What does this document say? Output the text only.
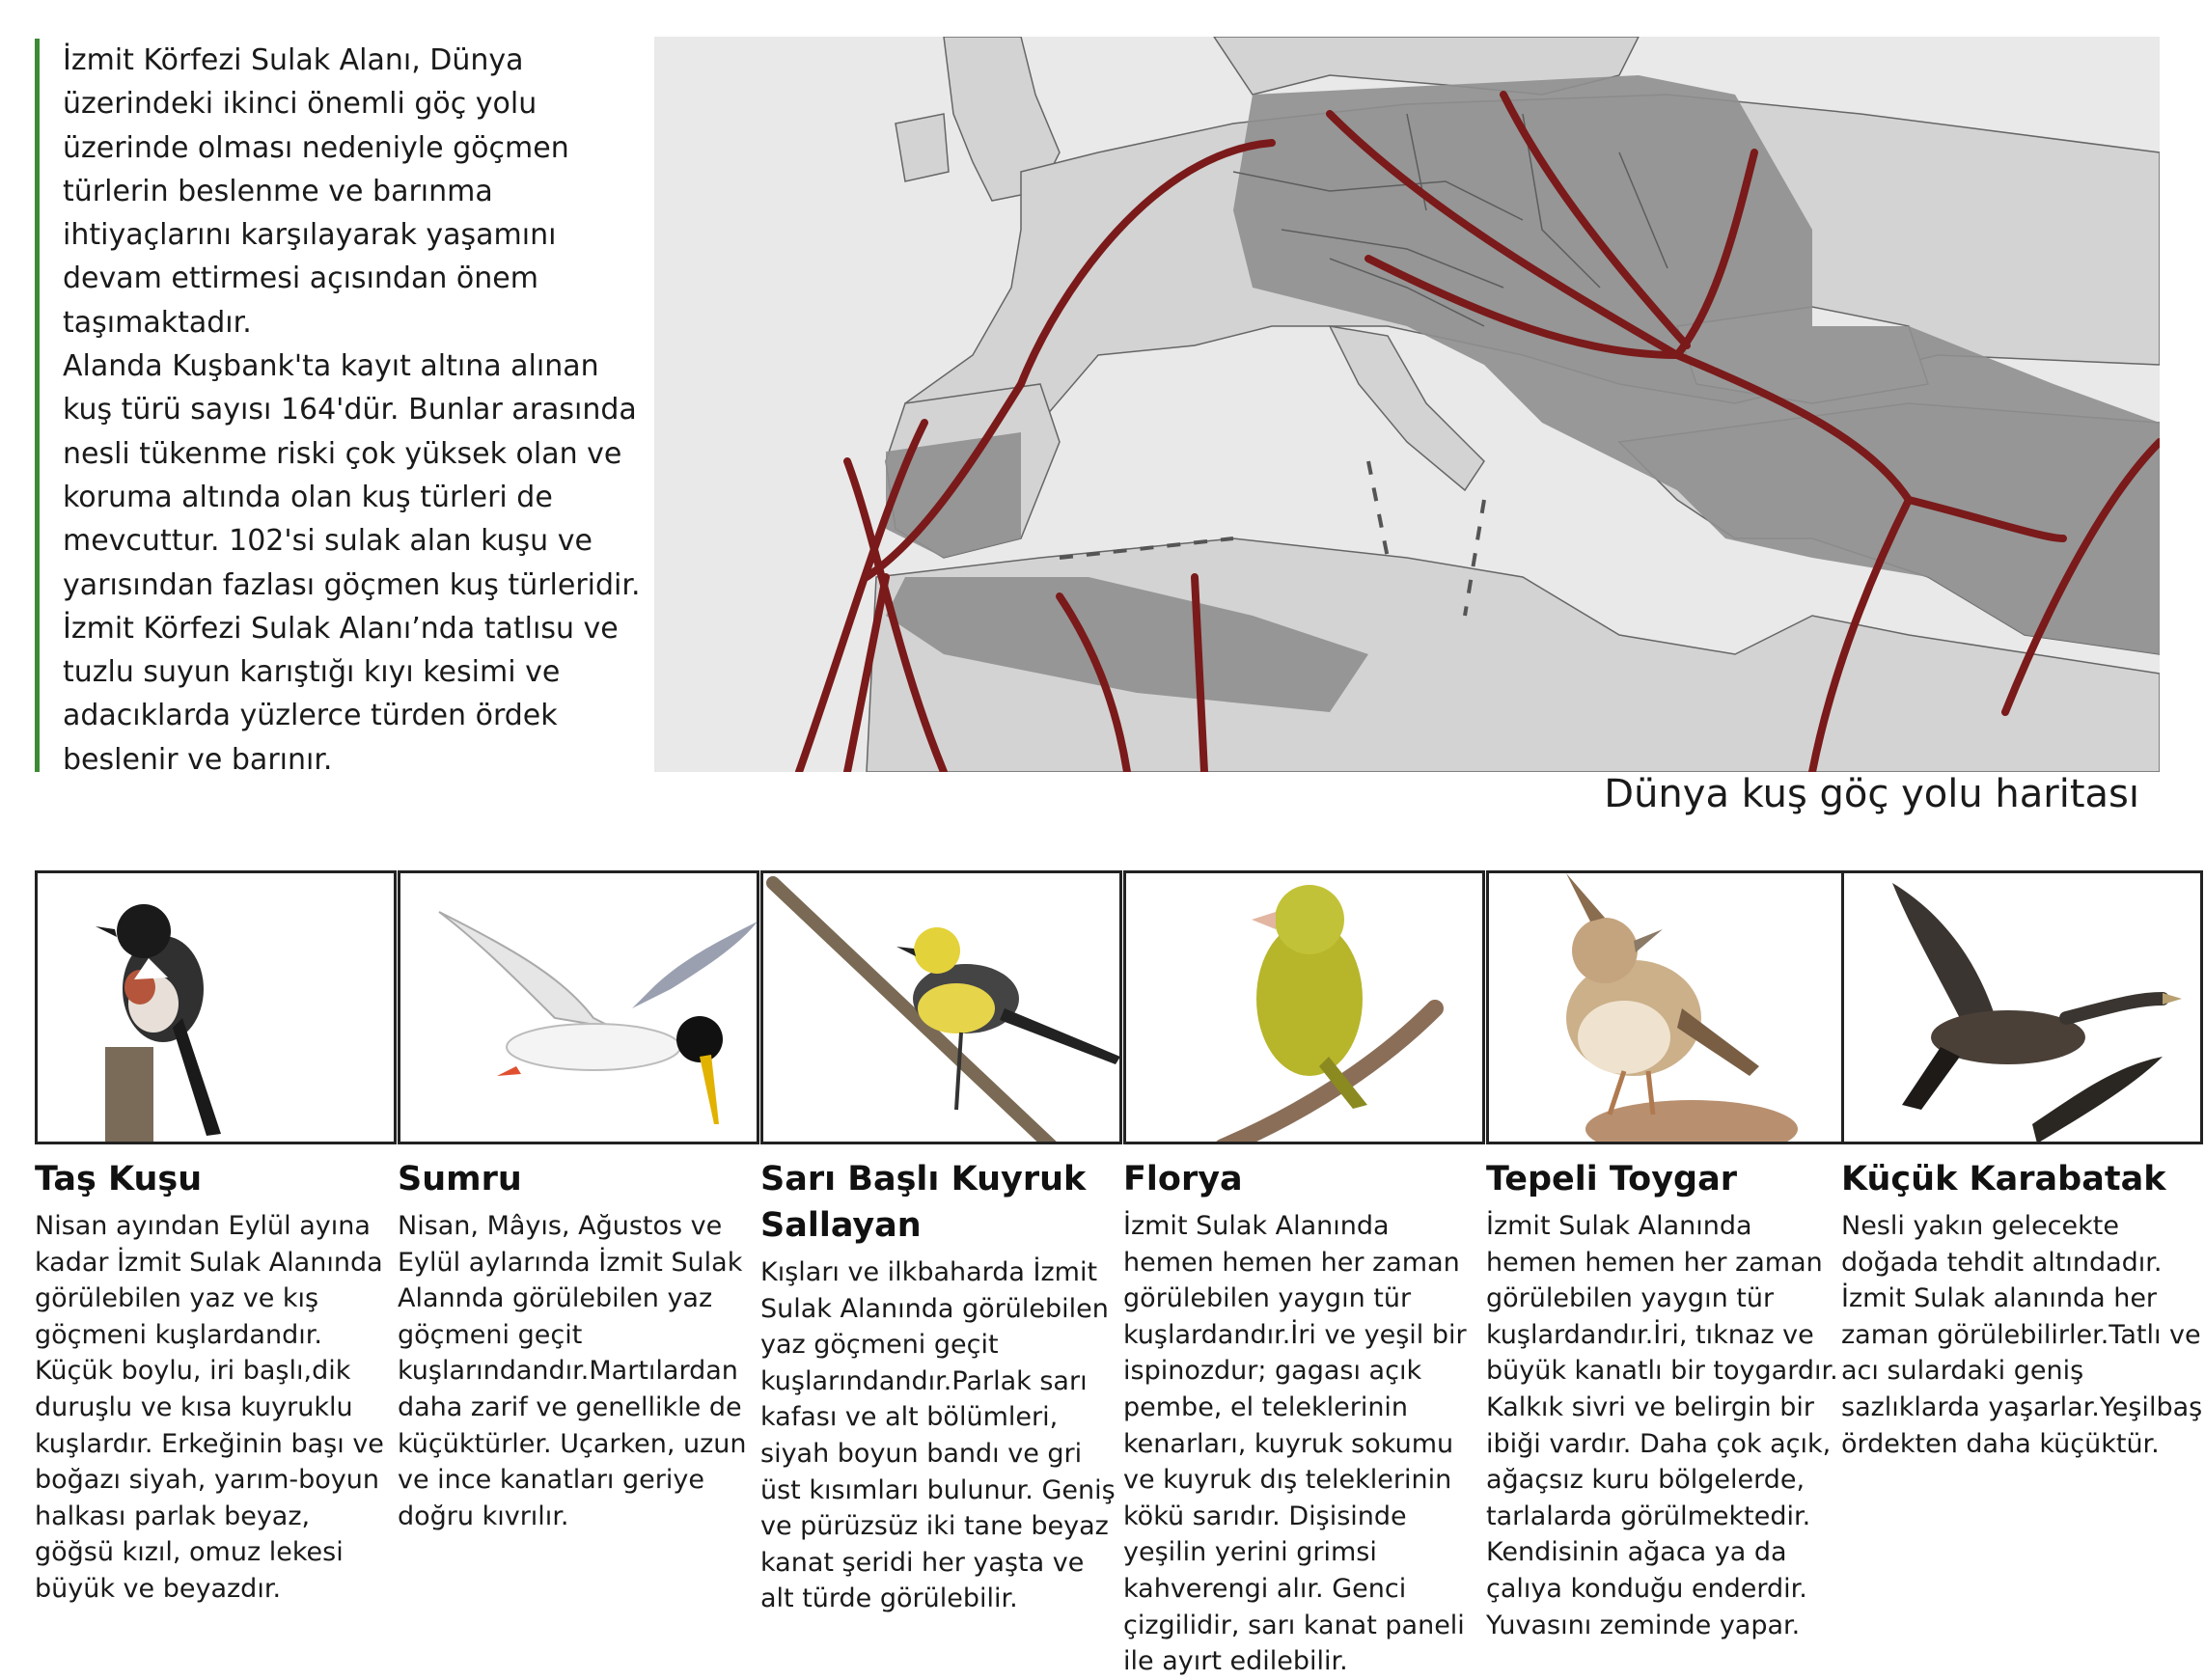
İzmit Körfezi Sulak Alanı, Dünya üzerindeki ikinci önemli göç yolu üzerinde olması nedeniyle göçmen türlerin beslenme ve barınma ihtiyaçlarını karşılayarak yaşamını devam ettirmesi açısından önem taşımaktadır.

Alanda Kuşbank'ta kayıt altına alınan kuş türü sayısı 164'dür. Bunlar arasında nesli tükenme riski çok yüksek olan ve koruma altında olan kuş türleri de mevcuttur. 102'si sulak alan kuşu ve yarısından fazlası göçmen kuş türleridir. İzmit Körfezi Sulak Alanı’nda tatlısu ve tuzlu suyun karıştığı kıyı kesimi ve adacıklarda yüzlerce türden ördek beslenir ve barınır.

Dünya kuş göç yolu haritası
Taş Kuşu
Nisan ayından Eylül ayına kadar İzmit Sulak Alanında görülebilen yaz ve kış göçmeni kuşlardandır. Küçük boylu, iri başlı,dik duruşlu ve kısa kuyruklu kuşlardır. Erkeğinin başı ve boğazı siyah, yarım-boyun halkası parlak beyaz, göğsü kızıl, omuz lekesi büyük ve beyazdır.
Sumru
Nisan, Mâyıs, Ağustos ve Eylül aylarında İzmit Sulak Alannda görülebilen yaz göçmeni geçit kuşlarındandır.Martılardan daha zarif ve genellikle de küçüktürler. Uçarken, uzun ve ince kanatları geriye doğru kıvrılır.
Sarı Başlı Kuyruk Sallayan
Kışları ve ilkbaharda İzmit Sulak Alanında görülebilen yaz göçmeni geçit kuşlarındandır.Parlak sarı kafası ve alt bölümleri, siyah boyun bandı ve gri üst kısımları bulunur. Geniş ve pürüzsüz iki tane beyaz kanat şeridi her yaşta ve alt türde görülebilir.
Florya
İzmit Sulak Alanında hemen hemen her zaman görülebilen yaygın tür kuşlardandır.İri ve yeşil bir ispinozdur; gagası açık pembe, el teleklerinin kenarları, kuyruk sokumu ve kuyruk dış teleklerinin kökü sarıdır. Dişisinde yeşilin yerini grimsi kahverengi alır. Genci çizgilidir, sarı kanat paneli ile ayırt edilebilir.
Tepeli Toygar
İzmit Sulak Alanında hemen hemen her zaman görülebilen yaygın tür kuşlardandır.İri, tıknaz ve büyük kanatlı bir toygardır. Kalkık sivri ve belirgin bir ibiği vardır. Daha çok açık, ağaçsız kuru bölgelerde, tarlalarda görülmektedir. Kendisinin ağaca ya da çalıya konduğu enderdir. Yuvasını zeminde yapar.
Küçük Karabatak
Nesli yakın gelecekte doğada tehdit altındadır. İzmit Sulak alanında her zaman görülebilirler.Tatlı ve acı sulardaki geniş sazlıklarda yaşarlar.Yeşilbaş ördekten daha küçüktür.
